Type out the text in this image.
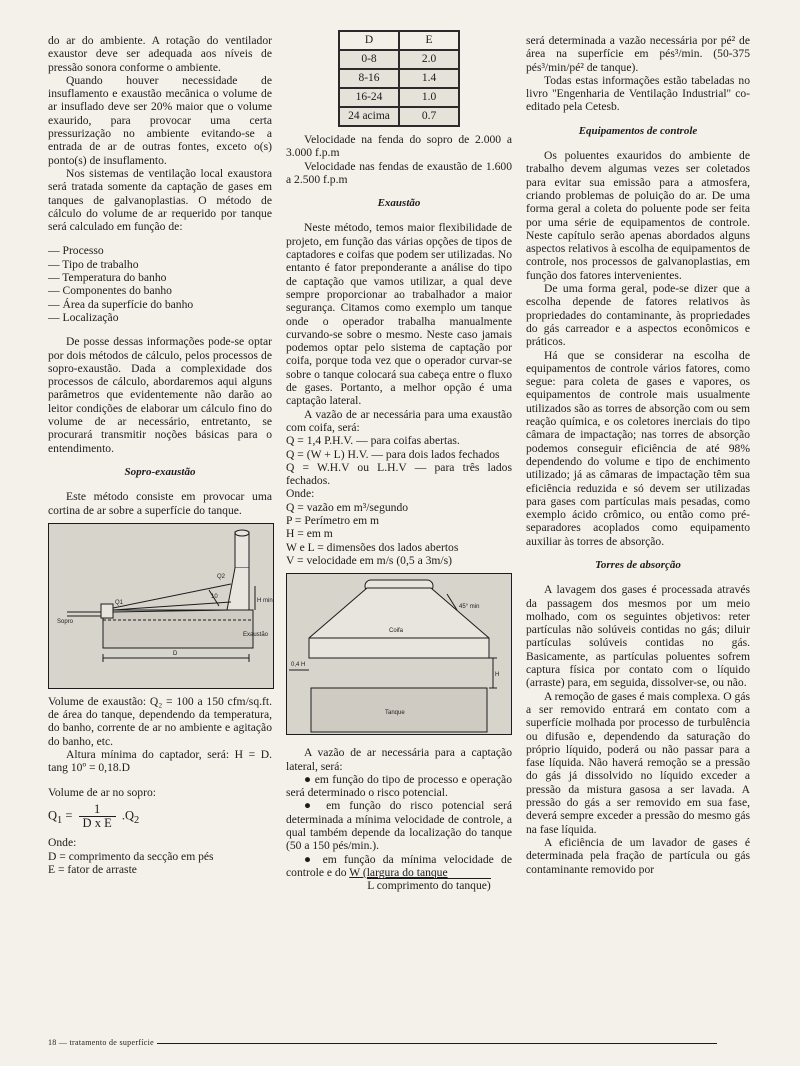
do ar do ambiente. A rotação do ventilador exaustor deve ser adequada aos níveis de pressão sonora conforme o ambiente.

Quando houver necessidade de insuflamento e exaustão mecânica o volume de ar insuflado deve ser 20% maior que o volume exaurido, para provocar uma certa pressurização no ambiente evitando-se a entrada de ar de outras fontes, exceto o(s) ponto(s) de insuflamento.

Nos sistemas de ventilação local exaustora será tratada somente da captação de gases em tanques de galvanoplastias. O método de cálculo do volume de ar requerido por tanque será calculado em função de:

— Processo
— Tipo de trabalho
— Temperatura do banho
— Componentes do banho
— Área da superfície do banho
— Localização

De posse dessas informações pode-se optar por dois métodos de cálculo, pelos processos de sopro-exaustão. Dada a complexidade dos processos de cálculo, abordaremos aqui alguns parâmetros que evidentemente não darão ao leitor condições de elaborar um cálculo fino do volume de ar necessário, entretanto, se procurará transmitir noções básicas para o entendimento.

Sopro-exaustão

Este método consiste em provocar uma cortina de ar sobre a superfície do tanque.

Q2
Q1
10
H min
Sopro
Exaustão
D

Volume de exaustão: Q₂ = 100 a 150 cfm/sq.ft. de área do tanque, dependendo da temperatura, do banho, corrente de ar no ambiente e agitação do banho, etc.

Altura mínima do captador, será: H = D. tang 10º = 0,18.D

Volume de ar no sopro:

$Q_1 = \frac{1}{\text{D x E}} .Q_2$

Onde:

D = comprimento da secção em pés

E = fator de arraste

D	E
0-8	2.0
8-16	1.4
16-24	1.0
24 acima	0.7

Velocidade na fenda do sopro de 2.000 a 3.000 f.p.m

Velocidade nas fendas de exaustão de 1.600 a 2.500 f.p.m

Exaustão

Neste método, temos maior flexibilidade de projeto, em função das várias opções de tipos de captadores e coifas que podem ser utilizadas. No entanto é fator preponderante a análise do tipo de captação que vamos utilizar, a qual deve sempre proporcionar ao trabalhador a maior segurança. Citamos como exemplo um tanque onde o operador trabalha manualmente curvando-se sobre o mesmo. Neste caso jamais podemos optar pelo sistema de captação por coifa, porque toda vez que o operador curvar-se sobre o tanque colocará sua cabeça entre o fluxo de gases. Portanto, a melhor opção é uma captação lateral.

A vazão de ar necessária para uma exaustão com coifa, será:

Q = 1,4 P.H.V. — para coifas abertas.

Q = (W + L) H.V. — para dois lados fechados

Q = W.H.V ou L.H.V — para três lados fechados.

Onde:

Q = vazão em m³/segundo

P = Perímetro em m

H = em m

W e L = dimensões dos lados abertos

V = velocidade em m/s (0,5 a 3m/s)

Coifa
Tanque
45° min
H
0,4 H

A vazão de ar necessária para a captação lateral, será:

● em função do tipo de processo e operação será determinado o risco potencial.

● em função do risco potencial será determinada a mínima velocidade de controle, a qual também depende da localização do tanque (50 a 150 pés/min.).

● em função da mínima velocidade de controle e do W (largura do tanque

L comprimento do tanque)

será determinada a vazão necessária por pé² de área na superfície em pés³/min. (50-375 pés³/min/pé² de tanque).

Todas estas informações estão tabeladas no livro ''Engenharia de Ventilação Industrial'' co-editado pela Cetesb.

Equipamentos de controle

Os poluentes exauridos do ambiente de trabalho devem algumas vezes ser coletados para evitar sua emissão para a atmosfera, criando problemas de poluição do ar. De uma forma geral a coleta do poluente pode ser feita por uma série de equipamentos de controle. Neste capítulo serão apenas abordados alguns aspectos relativos à escolha de equipamentos de controle, nos processos de galvanoplastias, em função dos fatores intervenientes.

De uma forma geral, pode-se dizer que a escolha depende de fatores relativos às propriedades do contaminante, às propriedades do gás carreador e a aspectos econômicos e práticos.

Há que se considerar na escolha de equipamentos de controle vários fatores, como segue: para coleta de gases e vapores, os equipamentos de controle mais usualmente utilizados são as torres de absorção com ou sem reação química, e os coletores inerciais do tipo câmara de impactação; nas torres de absorção podemos conseguir eficiência de até 98% dependendo do volume e tipo de enchimento utilizado; já as câmaras de impactação têm sua eficiência reduzida e só devem ser utilizadas para gases com partículas mais pesadas, como exemplo ácido crômico, ou então como pré-separadores acoplados como equipamento auxiliar às torres de absorção.

Torres de absorção

A lavagem dos gases é processada através da passagem dos mesmos por um meio molhado, com os seguintes objetivos: reter partículas não solúveis contidas no gás; diluir partículas solúveis contidas no gás. Basicamente, as partículas poluentes sofrem captura física por contato com o líquido (arraste) para, em seguida, dissolver-se, ou não.

A remoção de gases é mais complexa. O gás a ser removido entrará em contato com a superfície molhada por processo de turbulência ou difusão e, dependendo da saturação do próprio líquido, poderá ou não passar para a fase líquida. Não haverá remoção se a pressão do gás já dissolvido no líquido exceder a pressão da mistura gasosa a ser lavada. A pressão do gás a ser removido em sua fase, deverá sempre exceder a pressão do mesmo gás na fase líquida.

A eficiência de um lavador de gases é determinada pela fração de partícula ou gás contaminante removido por

18 — tratamento de superfície
